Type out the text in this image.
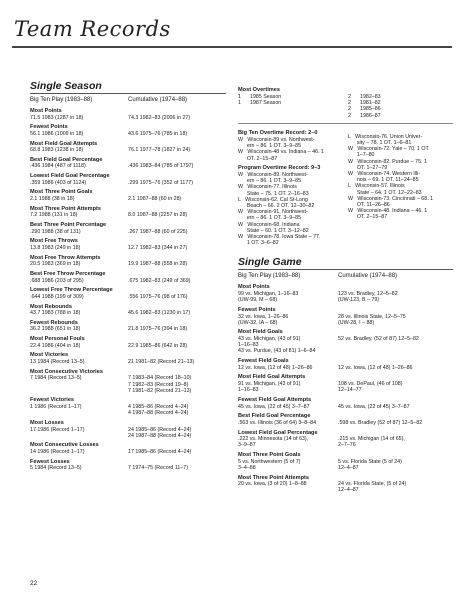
Team Records
Single Season
Big Ten Play (1983–88)	Cumulative (1974–88)
Most Points
71.5 1983 (1287 in 18)	74.3 1982–83 (2006 in 27)
Fewest Points
56.1 1986 (1009 in 18)	43.6 1975–76 (785 in 18)
Most Field Goal Attempts
68.8 1983 (1238 in 18)	76.1 1977–78 (1827 in 24)
Best Field Goal Percentage
.436 1984 (487 of 1118)	.436 1983–84 (785 of 1797)
Lowest Field Goal Percentage
.359 1986 (403 of 1124)	.299 1975–76 (352 of 1177)
Most Three Point Goals
2.1 1988 (38 in 18)	2.1 1987–88 (60 in 28)
Most Three Point Attempts
7.2 1988 (131 in 18)	8.0 1987–88 (2257 in 28)
Best Three Point Percentage
.290 1988 (38 of 131)	.267 1987–88 (60 of 225)
Most Free Throws
13.8 1983 (249 in 18)	12.7 1982–83 (344 in 27)
Most Free Throw Attempts
20.5 1983 (369 in 18)	19.9 1987–88 (558 in 28)
Best Free Throw Percentage
.688 1986 (203 of 295)	.675 1982–83 (249 of 369)
Lowest Free Throw Percentage
.644 1988 (199 of 309)	.556 1975–76 (98 of 176)
Most Rebounds
43.7 1983 (788 in 18)	45.6 1982–83 (1230 in 17)
Fewest Rebounds
36.2 1988 (651 in 18)	21.8 1975–76 (394 in 18)
Most Personal Fouls
22.4 1986 (404 in 18)	22.9 1985–86 (642 in 28)
Most Victories
13 1984 (Record 13–5)	21 1981–82 (Record 21–13)
Most Consecutive Victories
7 1984 (Record 13–5)	7 1983–84 (Record 18–10)
7 1982–83 (Record 19–8)
7 1981–82 (Record 21–13)
Fewest Victories
1 1986 (Record 1–17)	4 1985–86 (Record 4–24)
4 1987–88 (Record 4–24)
Most Losses
17 1986 (Record 1–17)	24 1985–86 (Record 4–24)
24 1987–88 (Record 4–24)
Most Consecutive Losses
14 1986 (Record 1–17)	17 1985–86 (Record 4–24)
Fewest Losses
5 1984 (Record 13–5)	7 1974–75 (Record 11–7)
Most Overtimes
1	1985 Season
1	1987 Season
2	1982–83
2	1981–82
2	1985–86
2	1986–87
Big Ten Overtime Record: 2–0
W   Wisconsin-89 vs. Northwest-
ern – 86. 1 OT. 3–9–85
W   Wisconsin-48 vs. Indiana – 46. 1
OT. 2–15–87
Program Overtime Record: 9–3
W   Wisconsin-89. Northwest-
ern – 86. 1 OT. 3–9–85
W   Wisconsin-77. Illinois
State – 75. 1 OT. 2–16–83
L   Wisconsin-62. Cal St-Long
Beach – 66. 2 OT. 12–30–82
W   Wisconsin-91. Northwest-
ern – 86. 1 OT. 3–9–85
W   Wisconsin-68. Indiana
State – 60. 1 OT. 3–12–82
W   Wisconsin-78. Iowa State – 77.
1 OT. 3–6–82
L   Wisconsin-76. Union Univer-
sity – 78. 1 OT. 1–6–81
W   Wisconsin-72. Yale – 70. 1 OT.
1–7–80
W   Wisconsin-82. Purdue – 75. 1
OT. 1–27–79
W   Wisconsin-74. Western Illi-
nois – 69. 1 OT. 11–24–85
L   Wisconsin-57. Illinois
State – 64. 1 OT. 12–22–83
W   Wisconsin-73. Cincinnati – 68. 1
OT. 11–26–86
W   Wisconsin-48. Indiana – 46. 1
OT. 2–15–87
Single Game
Big Ten Play (1983–88)	Cumulative (1974–88)
Most Points
99 vs. Michigan, 1–16–83	123 vs. Bradley, 12–5–82
(UW-99, M – 68)	(UW-123, B – 79)
Fewest Points
32 vs. Iowa, 1–26–86	28 vs. Illinois State, 12–5–75
(UW-32, IA – 68)	(UW-28, I – 88)
Most Field Goals
43 vs. Michigan, (43 of 91)	52 vs. Bradley, (52 of 87) 12–5–82
1–16–83
43 vs. Purdue, (43 of 81) 1–6–84
Fewest Field Goals
12 vs. Iowa, (12 of 48) 1–26–86	12 vs. Iowa, (12 of 48) 1–26–86
Most Field Goal Attempts
91 vs. Michigan, (43 of 91)	108 vs. DePaul, (46 of 108)
1–16–83	12–14–77
Fewest Field Goal Attempts
45 vs. Iowa, (22 of 45) 3–7–87	45 vs. Iowa, (22 of 45) 3–7–87
Best Field Goal Percentage
.563 vs. Illinois (36 of 64) 3–8–84	.598 vs. Bradley (52 of 87) 12–5–82
Lowest Field Goal Percentage
.222 vs. Minnesota (14 of 63),	.215 vs. Michigan (14 of 65),
3–9–87	2–7–76
Most Three Point Goals
5 vs. Northwestern (5 of 7)	5 vs. Florida State (5 of 24)
3–4–88	12–4–87
Most Three Point Attempts
20 vs. Iowa, (3 of 20) 1–8–88	24 vs. Florida State, (5 of 24)
12–4–87
22
